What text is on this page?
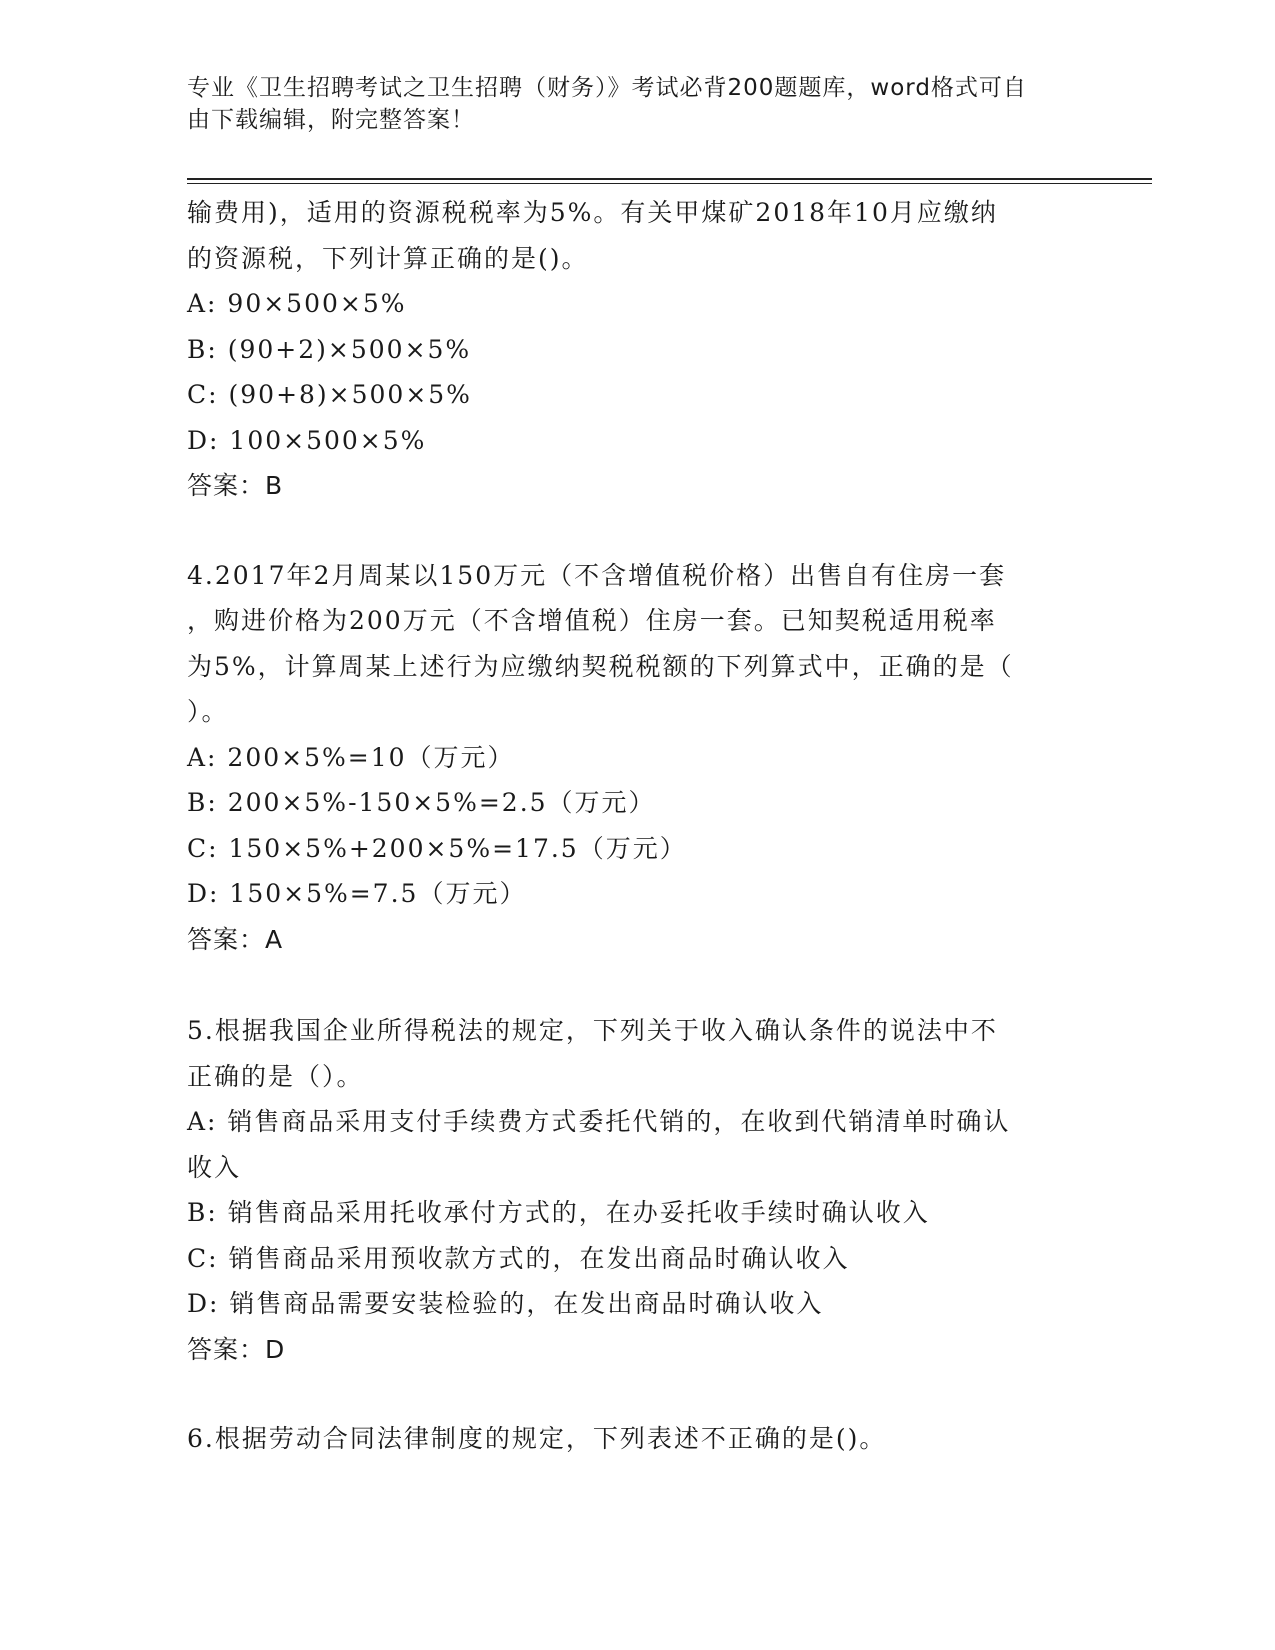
专业《卫生招聘考试之卫生招聘（财务）》考试必背200题题库，word格式可自
由下载编辑，附完整答案！
输费用)，适用的资源税税率为5%。有关甲煤矿2018年10月应缴纳
的资源税，下列计算正确的是()。
A: 90×500×5%
B: (90+2)×500×5%
C: (90+8)×500×5%
D: 100×500×5%
答案：B
4.2017年2月周某以150万元（不含增值税价格）出售自有住房一套
，购进价格为200万元（不含增值税）住房一套。已知契税适用税率
为5%，计算周某上述行为应缴纳契税税额的下列算式中，正确的是（
）。
A: 200×5%=10（万元）
B: 200×5%-150×5%=2.5（万元）
C: 150×5%+200×5%=17.5（万元）
D: 150×5%=7.5（万元）
答案：A
5.根据我国企业所得税法的规定，下列关于收入确认条件的说法中不
正确的是（）。
A: 销售商品采用支付手续费方式委托代销的，在收到代销清单时确认
收入
B: 销售商品采用托收承付方式的，在办妥托收手续时确认收入
C: 销售商品采用预收款方式的，在发出商品时确认收入
D: 销售商品需要安装检验的，在发出商品时确认收入
答案：D
6.根据劳动合同法律制度的规定，下列表述不正确的是()。
